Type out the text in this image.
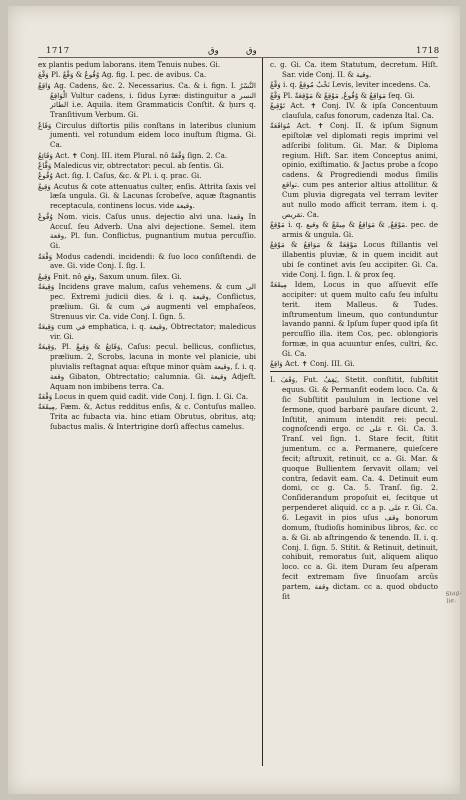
1717	وق	وق	1718

ex plantis pedum laborans. item Tenuis nubes. Gi.

وَقْعَ Pl. وُقُوعٌ & وَقْعٌ Ag. fig. I. pec. de avibus. Ca.

وَاقِعٌ Ag. Cadens, &c. 2. Necessarius. Ca. & i. fign. I. النَّسْرُ الْوَاقِعُ Vultur cadens, i. ſidus Lyræ: distinguitur a النسر الطائر i.e. Aquila. item Grammaticis Conſtit. & ḥurs q. Tranſitivum Verbum. Gi.

وَقَاعٌ Circulus diſtortis pilis conſtans in lateribus clunium jumenti. vel rotundum eidem loco inuſtum ſtigma. Gi. Ca.

وَقَائِعُ Act. ✝ Conj. III. item Plural. nô وَقْعَةٌ ſign. 2. Ca.

وَقَّاعٌ Maledicus vir, obtrectator: pecul. ab ſentis. Gi.

وُقُوعٌ Act. ſig. I. Caſus, &c. & Pl. i. q. prac. Gi.

وَقِيعٌ Acutus & cote attenuatus culter, enſis. Attrita ſaxis vel læſa ungula. Gi. & Lacunas ſcrobeſve, aquæ ſtagnantis receptacula, continens locus. vide وقيعة.

وُقُوعٌ Nom. vicis. Caſus unus. dejectio alvi una. وقعةا In Accuſ. ſeu Adverb. Una alvi dejectione. Semel. item وقعة, Pl. ſun. Conflictus, pugnantium mutua percuſſio. Gi.

وَقْعَةٌ Modus cadendi. incidendi: & ſuo loco conſiſtendi. de ave. Gi. vide Conj. I. ſig. I.

وَقِيعٌ Fnit. nô وقع, Saxum unum. ſilex. Gi.

وَقِيعَةٌ Incidens grave malum, caſus vehemens. & cum الى pec. Extremi judicii dies. & i. q. وقيعة, Conflictus, prælium. Gi. & cum في augmenti vel emphaſeos, Strenuus vir. Ca. vide Conj. I. ſign. 5.

وَقِيعَةٌ cum في emphatica, i. q. وقيعة, Obtrectator; maledicus vir. Gi.

وَقِيعَةٌ, Pl. وَقَائِعُ & وَقِيعٌ, Caſus: pecul. bellicus, conflictus, prælium. 2, Scrobs, lacuna in monte vel planicie, ubi pluvialis reſtagnat aqua: eſtque minor quàm وقيعة, ſ. i. q. وقعة Gibaton, Obtrectatio; calumnia. Gi. وقيعة Adjeſt. Aquam non imbibens terra. Ca.

وَقْعَةٌ Locus in quem quid cadit. vide Conj. I. ſign. I. Gi. Ca.

مِيقَعَةٌ, Fæm. &, Actus redditus enſis, & c. Contuſus malleo. Trita ac fubacta via. hinc etiam Obrutus, obritus, atq; ſubactus malis. & Intertrigine dorſi affectus camelus.

c. g. Gi. Ca. item Statutum, decretum. Hiſt. Sar. vide Conj. II. & وقية.

وَقْعٌ i. q. نَخْبٌ مُوقِعٌ Levis, leviter incedens. Ca.

وَقْعٌ Pl. مَوَاقِعُ & وُقُوعٌ, مَوْقِعٌ & مَوْقِعَةٌ ſeq. Gi.

تَوْقِيعٌ Act. ✝ Conj. IV. & ipſa Concentuum clauſula, caſus fonorum, cadenza Ital. Ca.

مُوَاقَعَةٌ Act. ✝ Conj. II. & ipſum Signum epiſtolæ vel diplomati regis imprimi vel adſcribi ſolitum. Gi. Mar. & Diploma regium. Hiſt. Sar. item Conceptus animi, opinio, exiſtimatio. & Jactus probe a ſcopo cadens. & Progrediendi modus ſimilis تواقع. cum pes anterior altius attollitur. & Cum pluvia digregata vel terram leviter aut nullo modo afficit terram. item i. q. تقريص. Ca.

مَوْقِعٌ i. q. مَوْقِعٌ, & مَوَاقِعُ & مِيقَعٌ & وقيع. pec. de armis & ungula. Gi.

مَوْقِعَةٌ & مَوَاقِعُ & مَوْقِعٌ Locus ſtillantis vel illabentis pluviæ, & in quem incidit aut ubi ſe continet avis ſeu accipiter. Gi. Ca. vide Conj. I. ſign. I. & prox ſeq.

مِيقَعَةٌ Idem, Locus in quo aſſuevit eſſe accipiter: ut quem multo caſu ſeu inſultu terit. item Malleus. & Tudes. inſtrumentum lineum, quo contunduntur lavando panni. & Ipſum ſuper quod ipſa ſit percuſſio illa. item Cos, pec. oblongioris formæ, in qua acuuntur enſes, cultri, &c. Gi. Ca.

وَاقِعٌ Act. ✝ Conj. III. Gi.

I. وَقَفَ, Fut. يَقِفُ, Stetit. conſtitit, ſubſtitit equus. Gi. & Permanſit eodem loco. Ca. & ſic Subſtitit paululum in lectione vel ſermone, quod barbarè paufare dicunt. 2. Inſtitit, animum intendit rei: pecul. cognoſcendi ergo. cc على r. Gi. Ca. 3. Tranſ. vel ſign. 1. Stare fecit, ſtitit jumentum. cc a. Permanere, quieſcere fecit; aſtruxit, retinuit, cc a. Gi. Mar. & quoque Bullientem ſervavit ollam; vel contra, ſedavit eam. Ca. 4. Detinuit eum domi, cc g. Ca. 5. Tranſ. ſig. 2. Conſiderandum propoſuit ei, ſecitque ut perpenderet aliquid. cc a p. على r. Gi. Ca. 6. Legavit in pios uſus وقف bonorum domum, ſtudioſis hominibus libros, &c. cc a. & Gi. ab aſtringendo & tenendo. II. i. q. Conj. I. ſign. 5. Stitit. & Retinuit, detinuit, cohibuit, remoratus ſuit, aliquem aliquo loco. cc a. Gi. item Duram ſeu aſperam fecit extremam ſive ſinuoſam arcûs partem, وقفة dictam. cc a. quod obducto ſit	Stag. lie.
